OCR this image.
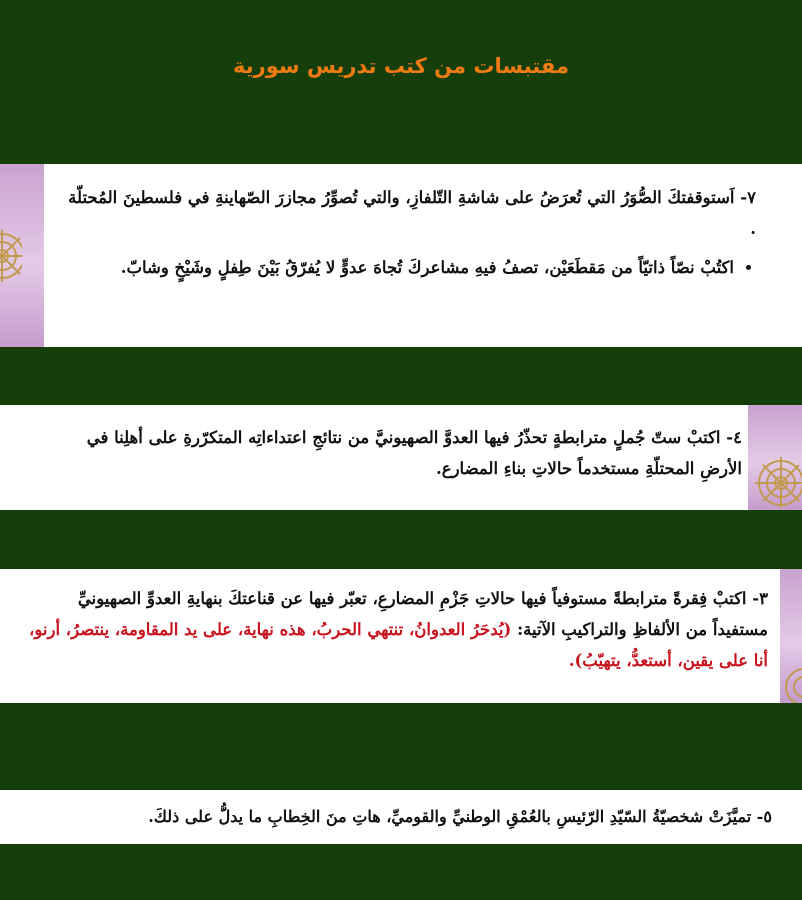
مقتبسات من كتب تدريس سورية
٧- اَستوقفتكَ الصُّوَرُ التي تُعرَضُ على شاشةِ التّلفازِ، والتي تُصوِّرُ مجازرَ الصّهاينةِ في فلسطينَ المُحتلّة .
• اكتُبْ نصّاً ذاتيّاً من مَقطَعَيْن، تصفُ فيهِ مشاعركَ تُجاهَ عدوٍّ لا يُفرّقُ بَيْنَ طِفلٍ وشَيْخٍ وشابّ.
٤- اكتبْ ستّ جُملٍ مترابطةٍ تحذّرُ فيها العدوَّ الصهيونيَّ من نتائجِ اعتداءاتِه المتكرّرةِ على أهلِنا في الأرضِ المحتلّةِ مستخدماً حالاتِ بناءِ المضارع.
٣- اكتبْ فِقرةً مترابطةً مستوفياً فيها حالاتِ جَزْمِ المضارعِ، تعبّر فيها عن قناعتكَ بنهايةِ العدوِّ الصهيونيِّ مستفيداً من الألفاظِ والتراكيبِ الآتية: (يُدحَرُ العدوانُ، تنتهي الحربُ، هذه نهاية، على يد المقاومة، ينتصرُ، أرنو، أنا على يقين، أستعدُّ، يتهيّبُ).
٥- تميَّزَتْ شخصيّةُ السّيّدِ الرّئيسِ بالعُمْقِ الوطنيِّ والقوميِّ، هاتِ منَ الخِطابِ ما يدلُّ على ذلكَ.
